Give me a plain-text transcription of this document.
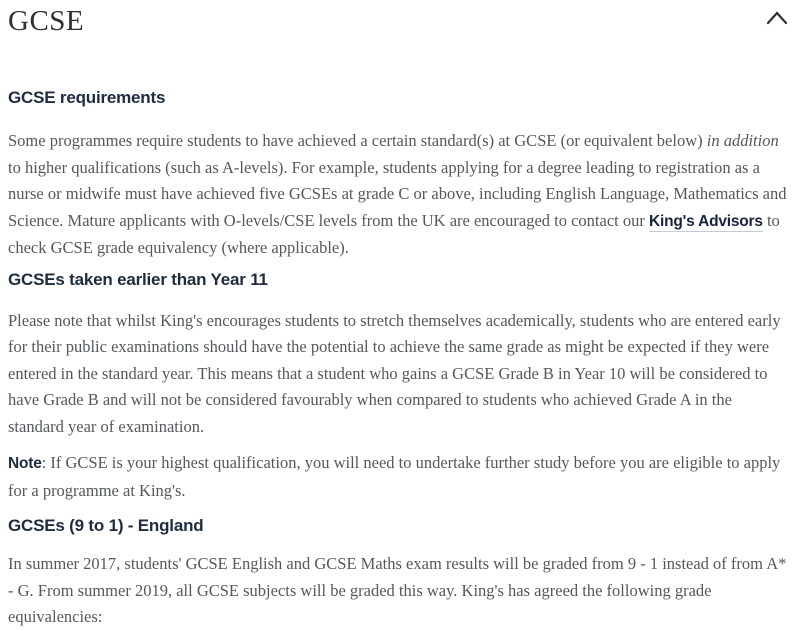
GCSE
GCSE requirements

Some programmes require students to have achieved a certain standard(s) at GCSE (or equivalent below) in addition to higher qualifications (such as A-levels). For example, students applying for a degree leading to registration as a nurse or midwife must have achieved five GCSEs at grade C or above, including English Language, Mathematics and Science. Mature applicants with O-levels/CSE levels from the UK are encouraged to contact our King's Advisors to check GCSE grade equivalency (where applicable).

GCSEs taken earlier than Year 11

Please note that whilst King's encourages students to stretch themselves academically, students who are entered early for their public examinations should have the potential to achieve the same grade as might be expected if they were entered in the standard year. This means that a student who gains a GCSE Grade B in Year 10 will be considered to have Grade B and will not be considered favourably when compared to students who achieved Grade A in the standard year of examination.

Note: If GCSE is your highest qualification, you will need to undertake further study before you are eligible to apply for a programme at King's.

GCSEs (9 to 1) - England

In summer 2017, students' GCSE English and GCSE Maths exam results will be graded from 9 - 1 instead of from A* - G. From summer 2019, all GCSE subjects will be graded this way. King's has agreed the following grade equivalencies:
